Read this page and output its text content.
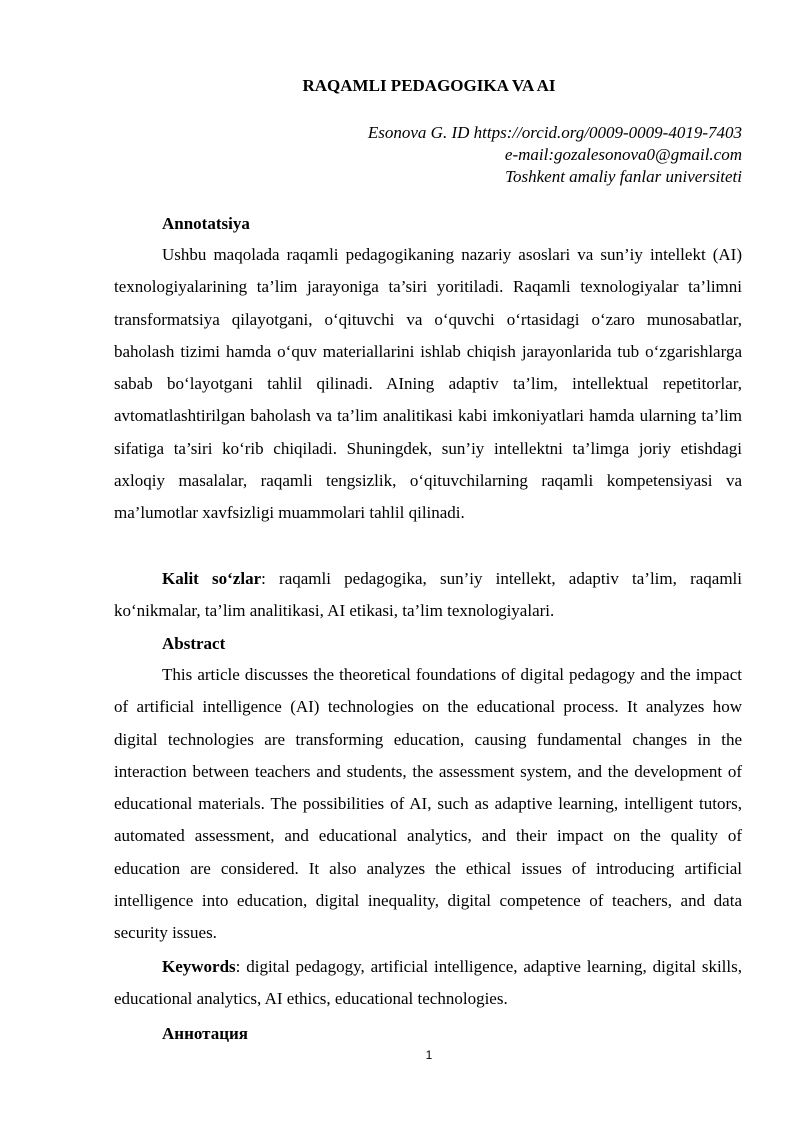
RAQAMLI PEDAGOGIKA VA AI
Esonova G. ID https://orcid.org/0009-0009-4019-7403
e-mail:gozalesonova0@gmail.com
Toshkent amaliy fanlar universiteti
Annotatsiya

Ushbu maqolada raqamli pedagogikaning nazariy asoslari va sun’iy intellekt (AI) texnologiyalarining ta’lim jarayoniga ta’siri yoritiladi. Raqamli texnologiyalar ta’limni transformatsiya qilayotgani, o‘qituvchi va o‘quvchi o‘rtasidagi o‘zaro munosabatlar, baholash tizimi hamda o‘quv materiallarini ishlab chiqish jarayonlarida tub o‘zgarishlarga sabab bo‘layotgani tahlil qilinadi. AIning adaptiv ta’lim, intellektual repetitorlar, avtomatlashtirilgan baholash va ta’lim analitikasi kabi imkoniyatlari hamda ularning ta’lim sifatiga ta’siri ko‘rib chiqiladi. Shuningdek, sun’iy intellektni ta’limga joriy etishdagi axloqiy masalalar, raqamli tengsizlik, o‘qituvchilarning raqamli kompetensiyasi va ma’lumotlar xavfsizligi muammolari tahlil qilinadi.

Kalit so‘zlar: raqamli pedagogika, sun’iy intellekt, adaptiv ta’lim, raqamli ko‘nikmalar, ta’lim analitikasi, AI etikasi, ta’lim texnologiyalari.

Abstract

This article discusses the theoretical foundations of digital pedagogy and the impact of artificial intelligence (AI) technologies on the educational process. It analyzes how digital technologies are transforming education, causing fundamental changes in the interaction between teachers and students, the assessment system, and the development of educational materials. The possibilities of AI, such as adaptive learning, intelligent tutors, automated assessment, and educational analytics, and their impact on the quality of education are considered. It also analyzes the ethical issues of introducing artificial intelligence into education, digital inequality, digital competence of teachers, and data security issues.

Keywords: digital pedagogy, artificial intelligence, adaptive learning, digital skills, educational analytics, AI ethics, educational technologies.

Аннотация
1
